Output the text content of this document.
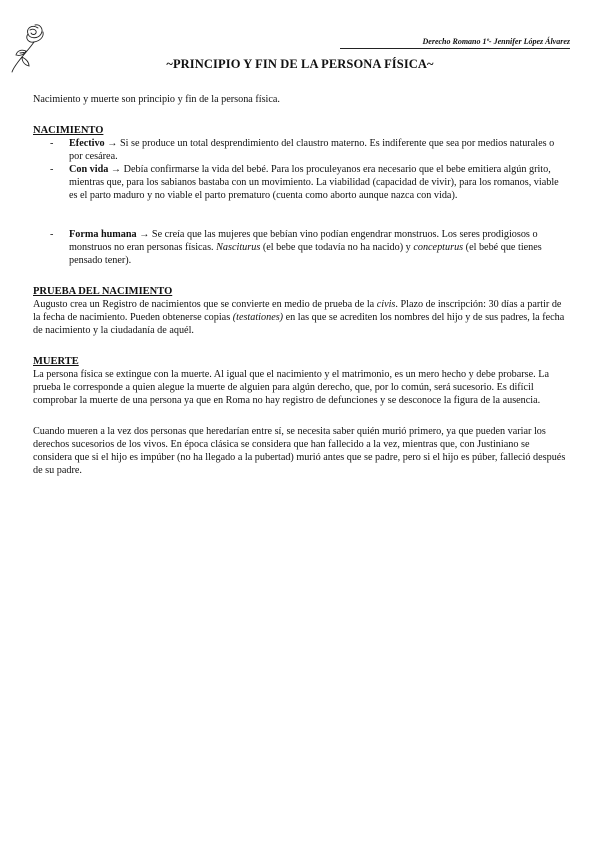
Derecho Romano 1º- Jennifer López Álvarez
~PRINCIPIO Y FIN DE LA PERSONA FÍSICA~

Nacimiento y muerte son principio y fin de la persona física.

NACIMIENTO

- Efectivo → Si se produce un total desprendimiento del claustro materno. Es indiferente que sea por medios naturales o por cesárea.
- Con vida → Debía confirmarse la vida del bebé. Para los proculeyanos era necesario que el bebe emitiera algún grito, mientras que, para los sabianos bastaba con un movimiento. La viabilidad (capacidad de vivir), para los romanos, viable es el parto maduro y no viable el parto prematuro (cuenta como aborto aunque nazca con vida).
- Forma humana → Se creía que las mujeres que bebían vino podían engendrar monstruos. Los seres prodigiosos o monstruos no eran personas físicas. Nasciturus (el bebe que todavía no ha nacido) y concepturus (el bebé que tienes pensado tener).

PRUEBA DEL NACIMIENTO

Augusto crea un Registro de nacimientos que se convierte en medio de prueba de la civis. Plazo de inscripción: 30 días a partir de la fecha de nacimiento. Pueden obtenerse copias (testationes) en las que se acrediten los nombres del hijo y de sus padres, la fecha de nacimiento y la ciudadanía de aquél.

MUERTE

La persona física se extingue con la muerte. Al igual que el nacimiento y el matrimonio, es un mero hecho y debe probarse. La prueba le corresponde a quien alegue la muerte de alguien para algún derecho, que, por lo común, será sucesorio. Es difícil comprobar la muerte de una persona ya que en Roma no hay registro de defunciones y se desconoce la figura de la ausencia.

Cuando mueren a la vez dos personas que heredarían entre sí, se necesita saber quién murió primero, ya que pueden variar los derechos sucesorios de los vivos. En época clásica se considera que han fallecido a la vez, mientras que, con Justiniano se considera que si el hijo es impúber (no ha llegado a la pubertad) murió antes que se padre, pero si el hijo es púber, falleció después de su padre.
